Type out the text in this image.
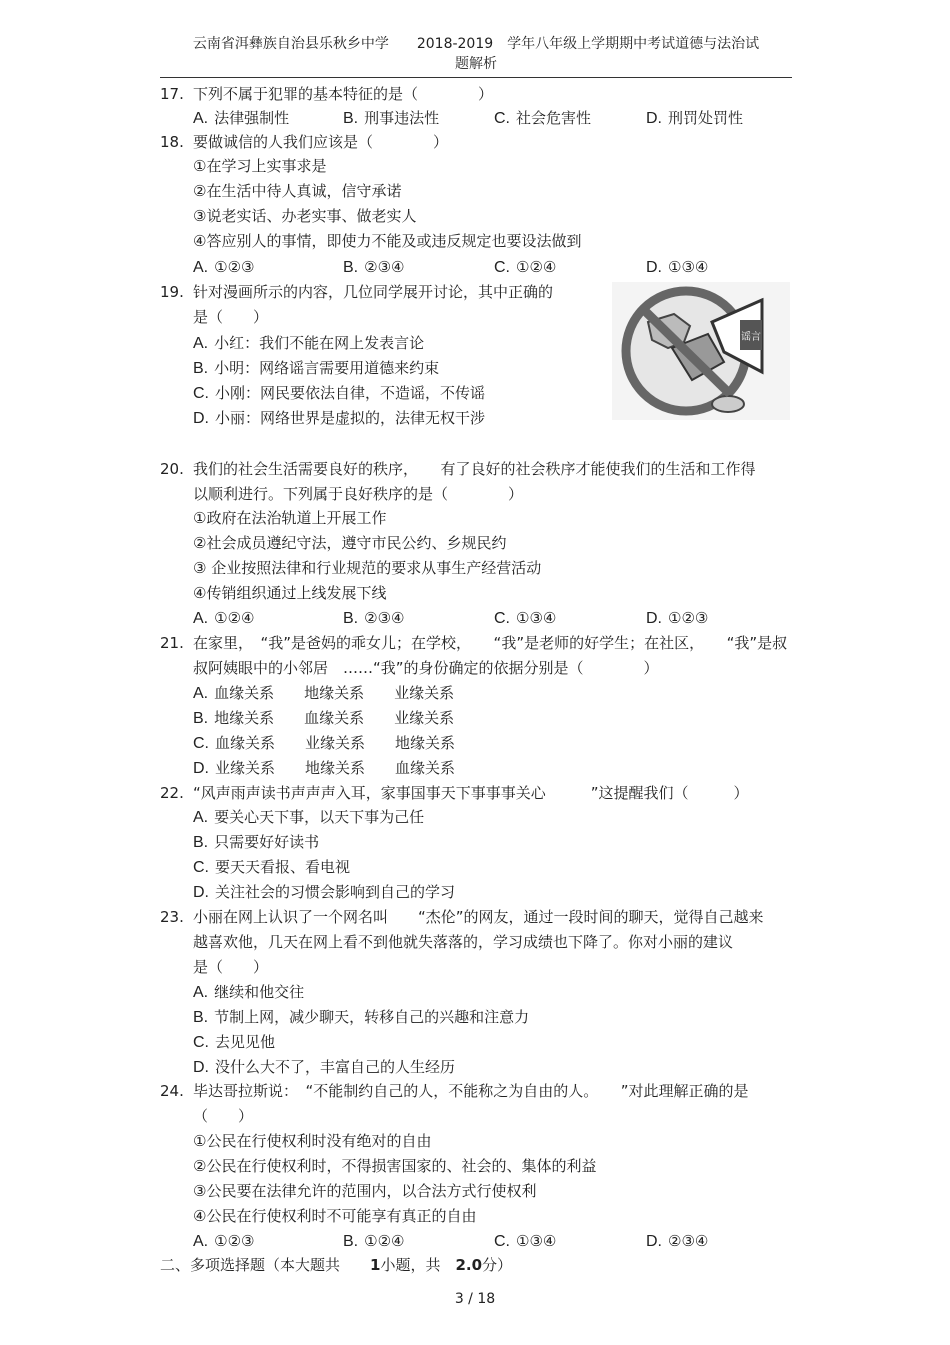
云南省洱彝族自治县乐秋乡中学　　2018-2019　学年八年级上学期期中考试道德与法治试
题解析
17. 下列不属于犯罪的基本特征的是（　　　　）
A. 法律强制性	B. 刑事违法性	C. 社会危害性	D. 刑罚处罚性
18. 要做诚信的人我们应该是（　　　　）
①在学习上实事求是
②在生活中待人真诚，信守承诺
③说老实话、办老实事、做老实人
④答应别人的事情，即使力不能及或违反规定也要设法做到
A. ①②③	B. ②③④	C. ①②④	D. ①③④
19. 针对漫画所示的内容，几位同学展开讨论，其中正确的
是（　　）
A. 小红：我们不能在网上发表言论
B. 小明：网络谣言需要用道德来约束
C. 小刚：网民要依法自律，不造谣，不传谣
D. 小丽：网络世界是虚拟的，法律无权干涉
20. 我们的社会生活需要良好的秩序，　　有了良好的社会秩序才能使我们的生活和工作得
以顺利进行。下列属于良好秩序的是（　　　　）
①政府在法治轨道上开展工作
②社会成员遵纪守法，遵守市民公约、乡规民约
③ 企业按照法律和行业规范的要求从事生产经营活动
④传销组织通过上线发展下线
A. ①②④	B. ②③④	C. ①③④	D. ①②③
21. 在家里，　“我”是爸妈的乖女儿；在学校，　　“我”是老师的好学生；在社区，　　“我”是叔
叔阿姨眼中的小邻居　……“我”的身份确定的依据分别是（　　　　）
A. 血缘关系　　地缘关系　　业缘关系
B. 地缘关系　　血缘关系　　业缘关系
C. 血缘关系　　业缘关系　　地缘关系
D. 业缘关系　　地缘关系　　血缘关系
22. “风声雨声读书声声声入耳，家事国事天下事事事关心　　　”这提醒我们（　　　）
A. 要关心天下事，以天下事为己任
B. 只需要好好读书
C. 要天天看报、看电视
D. 关注社会的习惯会影响到自己的学习
23. 小丽在网上认识了一个网名叫　　“杰伦”的网友，通过一段时间的聊天，觉得自己越来
越喜欢他，几天在网上看不到他就失落落的，学习成绩也下降了。你对小丽的建议
是（　　）
A. 继续和他交往
B. 节制上网，减少聊天，转移自己的兴趣和注意力
C. 去见见他
D. 没什么大不了，丰富自己的人生经历
24. 毕达哥拉斯说：　“不能制约自己的人，不能称之为自由的人。　　”对此理解正确的是
（　　）
①公民在行使权利时没有绝对的自由
②公民在行使权利时，不得损害国家的、社会的、集体的利益
③公民要在法律允许的范围内，以合法方式行使权利
④公民在行使权利时不可能享有真正的自由
A. ①②③	B. ①②④	C. ①③④	D. ②③④
谣言
二、多项选择题（本大题共　　1小题，共　2.0分）
3 / 18
